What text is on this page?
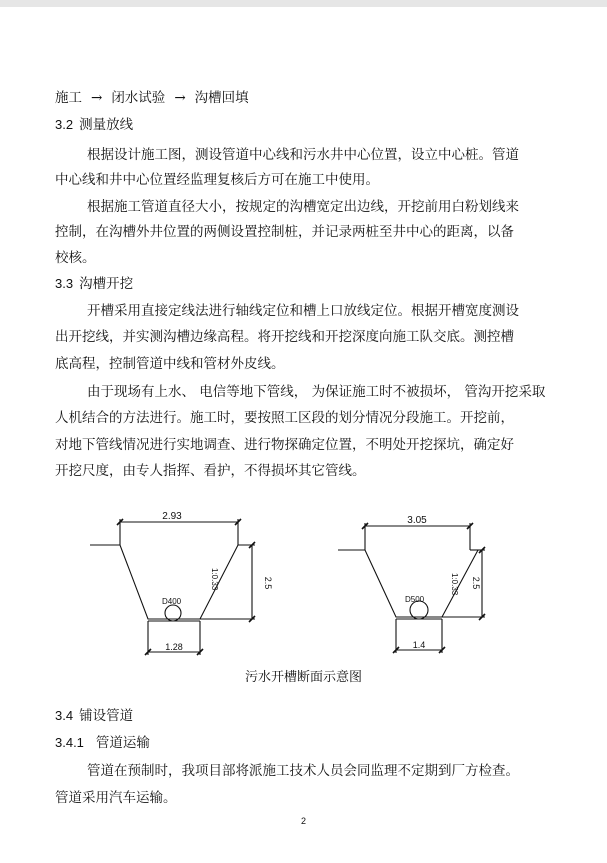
施工 → 闭水试验 → 沟槽回填
3.2 测量放线
根据设计施工图，测设管道中心线和污水井中心位置，设立中心桩。管道
中心线和井中心位置经监理复核后方可在施工中使用。
根据施工管道直径大小，按规定的沟槽宽定出边线，开挖前用白粉划线来
控制，在沟槽外井位置的两侧设置控制桩，并记录两桩至井中心的距离，以备
校核。
3.3 沟槽开挖
开槽采用直接定线法进行轴线定位和槽上口放线定位。根据开槽宽度测设
出开挖线，并实测沟槽边缘高程。将开挖线和开挖深度向施工队交底。测控槽
底高程，控制管道中线和管材外皮线。
由于现场有上水、 电信等地下管线， 为保证施工时不被损坏， 管沟开挖采取
人机结合的方法进行。施工时，要按照工区段的划分情况分段施工。开挖前，
对地下管线情况进行实地调查、进行物探确定位置，不明处开挖探坑，确定好
开挖尺度，由专人指挥、看护，不得损坏其它管线。
2.93
1.28
2.5
D400
1:0.33
3.05
1.4
2.5
D500
1:0.33
污水开槽断面示意图
3.4 铺设管道
3.4.1 管道运输
管道在预制时，我项目部将派施工技术人员会同监理不定期到厂方检查。
管道采用汽车运输。
2
